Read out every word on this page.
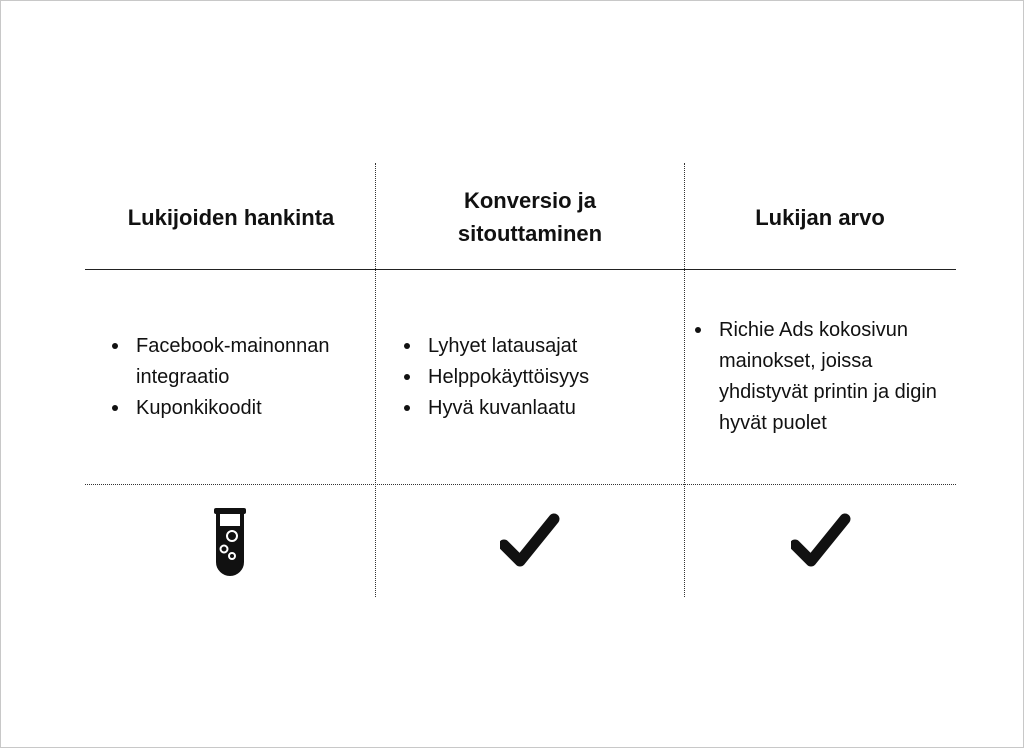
Lukijoiden hankinta
Konversio ja sitouttaminen
Lukijan arvo
Facebook-mainonnan integraatio
Kuponkikoodit
Lyhyet latausajat
Helppokäyttöisyys
Hyvä kuvanlaatu
Richie Ads kokosivun mainokset, joissa yhdistyvät printin ja digin hyvät puolet
